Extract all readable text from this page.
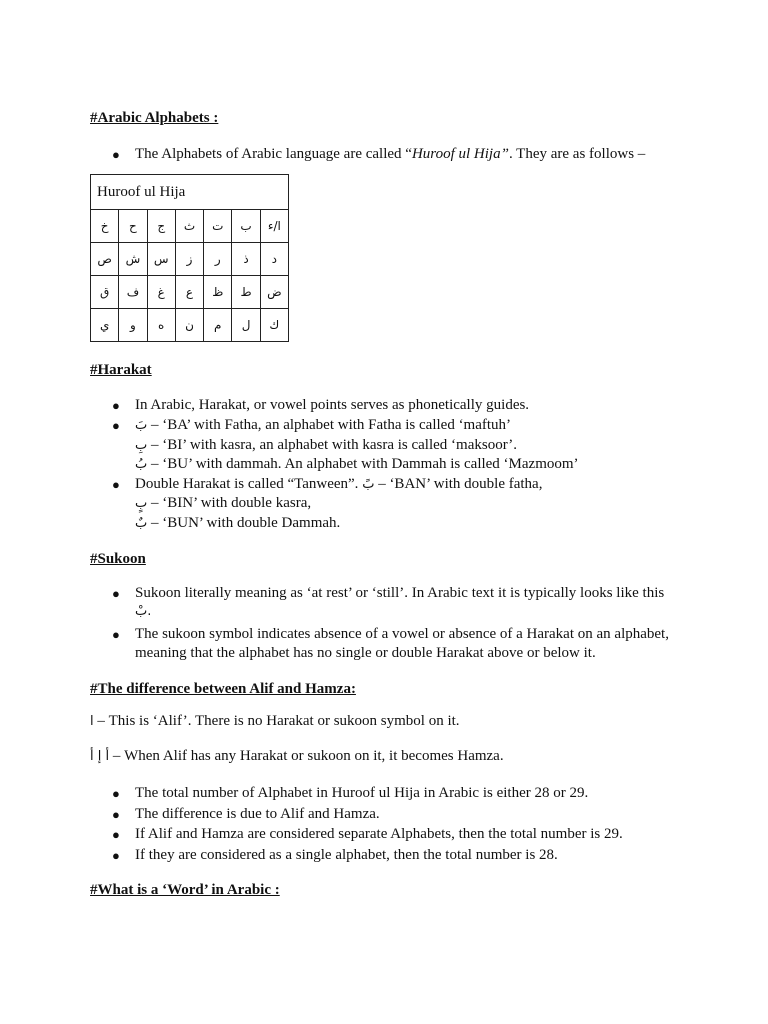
#Arabic Alphabets :
● The Alphabets of Arabic language are called “Huroof ul Hija”. They are as follows –
Huroof ul Hija						
خ	ح	ج	ث	ت	ب	ا/ء
ص	ش	س	ز	ر	ذ	د
ق	ف	غ	ع	ظ	ط	ض
ي	و	ه	ن	م	ل	ك
#Harakat
● In Arabic, Harakat, or vowel points serves as phonetically guides.
● بَ – ‘BA’ with Fatha, an alphabet with Fatha is called ‘maftuh’
بِ – ‘BI’ with kasra, an alphabet with kasra is called ‘maksoor’.
بُ – ‘BU’ with dammah. An alphabet with Dammah is called ‘Mazmoom’
● Double Harakat is called “Tanween”. بً – ‘BAN’ with double fatha,
بٍ – ‘BIN’ with double kasra,
بٌ – ‘BUN’ with double Dammah.
#Sukoon
● Sukoon literally meaning as ‘at rest’ or ‘still’. In Arabic text it is typically looks like this
بْ.
● The sukoon symbol indicates absence of a vowel or absence of a Harakat on an alphabet,
meaning that the alphabet has no single or double Harakat above or below it.
#The difference between Alif and Hamza:
ا – This is ‘Alif’. There is no Harakat or sukoon symbol on it.
أ إ أ – When Alif has any Harakat or sukoon on it, it becomes Hamza.
● The total number of Alphabet in Huroof ul Hija in Arabic is either 28 or 29.
● The difference is due to Alif and Hamza.
● If Alif and Hamza are considered separate Alphabets, then the total number is 29.
● If they are considered as a single alphabet, then the total number is 28.
#What is a ‘Word’ in Arabic :
